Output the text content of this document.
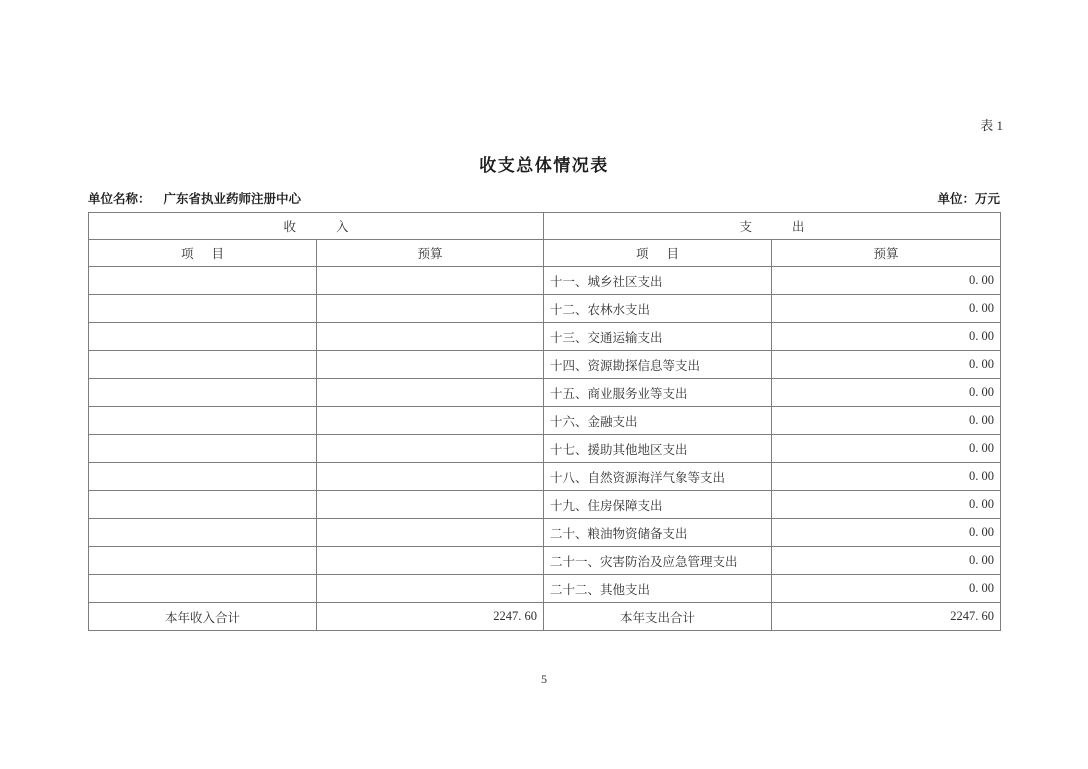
表 1
收支总体情况表
单位名称： 广东省执业药师注册中心	单位：万元
收入		支出	
项目	预算	项目	预算
		十一、城乡社区支出	0. 00
		十二、农林水支出	0. 00
		十三、交通运输支出	0. 00
		十四、资源勘探信息等支出	0. 00
		十五、商业服务业等支出	0. 00
		十六、金融支出	0. 00
		十七、援助其他地区支出	0. 00
		十八、自然资源海洋气象等支出	0. 00
		十九、住房保障支出	0. 00
		二十、粮油物资储备支出	0. 00
		二十一、灾害防治及应急管理支出	0. 00
		二十二、其他支出	0. 00
本年收入合计	2247. 60	本年支出合计	2247. 60
5
